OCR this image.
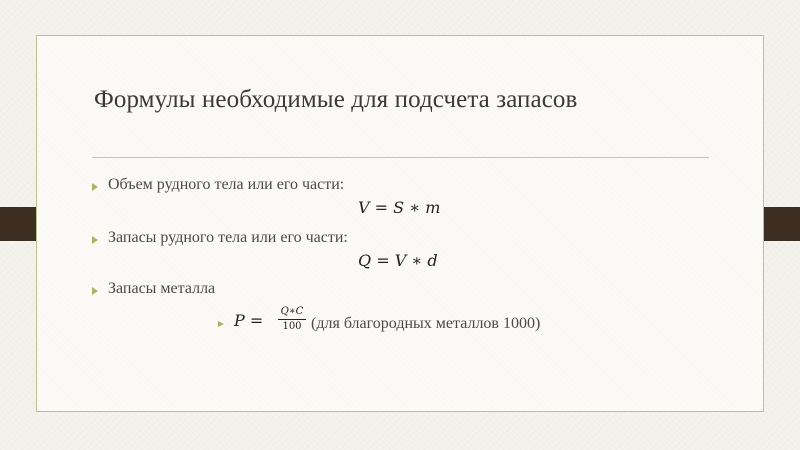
Формулы необходимые для подсчета запасов
Объем рудного тела или его части:
V = S ∗ m
Запасы рудного тела или его части:
Q = V ∗ d
Запасы металла
P = Q∗C
100 (для благородных металлов 1000)
